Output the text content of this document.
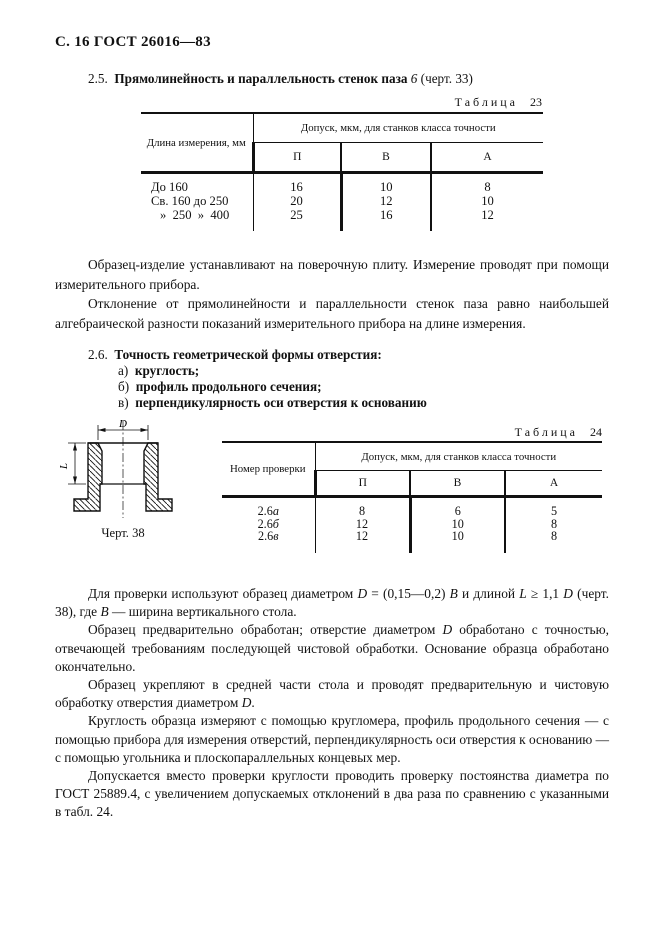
С. 16 ГОСТ 26016—83
2.5.  Прямолинейность и параллельность стенок паза 6 (черт. 33)
Таблица 23
Длина измерения, мм	Допуск, мкм, для станков класса точности		
	П	В	А
До 160	16	10	8
Св. 160 до 250	20	12	10
»  250  »  400	25	16	12

Образец-изделие устанавливают на поверочную плиту. Измерение проводят при помощи измерительного прибора.

Отклонение от прямолинейности и параллельности стенок паза равно наибольшей алгебраической разности показаний измерительного прибора на длине измерения.

2.6.  Точность геометрической формы отверстия:
а)  круглость;
б)  профиль продольного сечения;
в)  перпендикулярность оси отверстия к основанию
D
L
Черт. 38
Таблица 24
Номер проверки	Допуск, мкм, для станков класса точности		
	П	В	А
2.6а	8	6	5
2.6б	12	10	8
2.6в	12	10	8

Для проверки используют образец диаметром D = (0,15—0,2) В и длиной L ≥ 1,1 D (черт. 38), где В — ширина вертикального стола.

Образец предварительно обработан; отверстие диаметром D обработано с точностью, отвечающей требованиям последующей чистовой обработки. Основание образца обработано окончательно.

Образец укрепляют в средней части стола и проводят предварительную и чистовую обработку отверстия диаметром D.

Круглость образца измеряют с помощью кругломера, профиль продольного сечения — с помощью прибора для измерения отверстий, перпендикулярность оси отверстия к основанию — с помощью угольника и плоскопараллельных концевых мер.

Допускается вместо проверки круглости проводить проверку постоянства диаметра по ГОСТ 25889.4, с увеличением допускаемых отклонений в два раза по сравнению с указанными в табл. 24.
